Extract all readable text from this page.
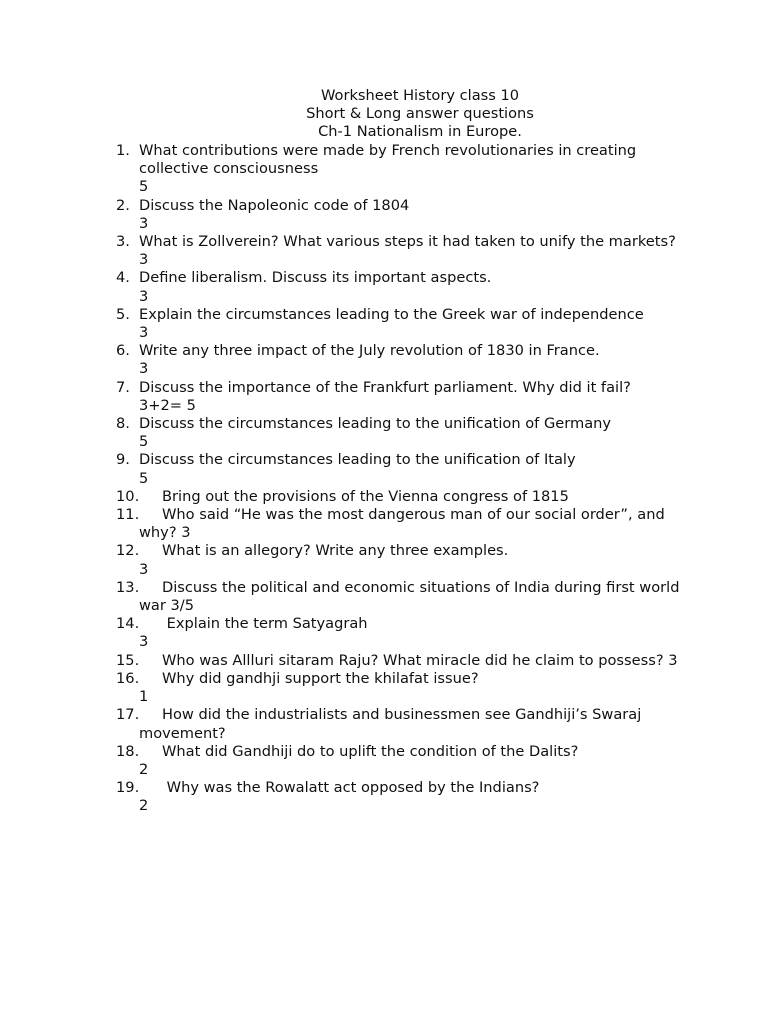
Worksheet History class 10
Short & Long answer questions
Ch-1 Nationalism in Europe.
1. What contributions were made by French revolutionaries in creating collective consciousness
5
2. Discuss the Napoleonic code of 1804
3
3. What is Zollverein? What various steps it had taken to unify the markets? 3
4. Define liberalism. Discuss its important aspects.
3
5. Explain the circumstances leading to the Greek war of independence
3
6. Write any three impact of the July revolution of 1830 in France.
3
7. Discuss the importance of the Frankfurt parliament. Why did it fail?
3+2= 5
8. Discuss the circumstances leading to the unification of Germany
5
9. Discuss the circumstances leading to the unification of Italy
5
10.	Bring out the provisions of the Vienna congress of 1815
11.	Who said “He was the most dangerous man of our social order”, and why? 3
12.	What is an allegory? Write any three examples.
3
13.	Discuss the political and economic situations of India during first world war 3/5
14.	Explain the term Satyagrah
3
15.	Who was Allluri sitaram Raju? What miracle did he claim to possess? 3
16.	Why did gandhji support the khilafat issue?
1
17.	How did the industrialists and businessmen see Gandhiji’s Swaraj movement?
18.	What did Gandhiji do to uplift the condition of the Dalits?
2
19.	Why was the Rowalatt act opposed by the Indians?
2
